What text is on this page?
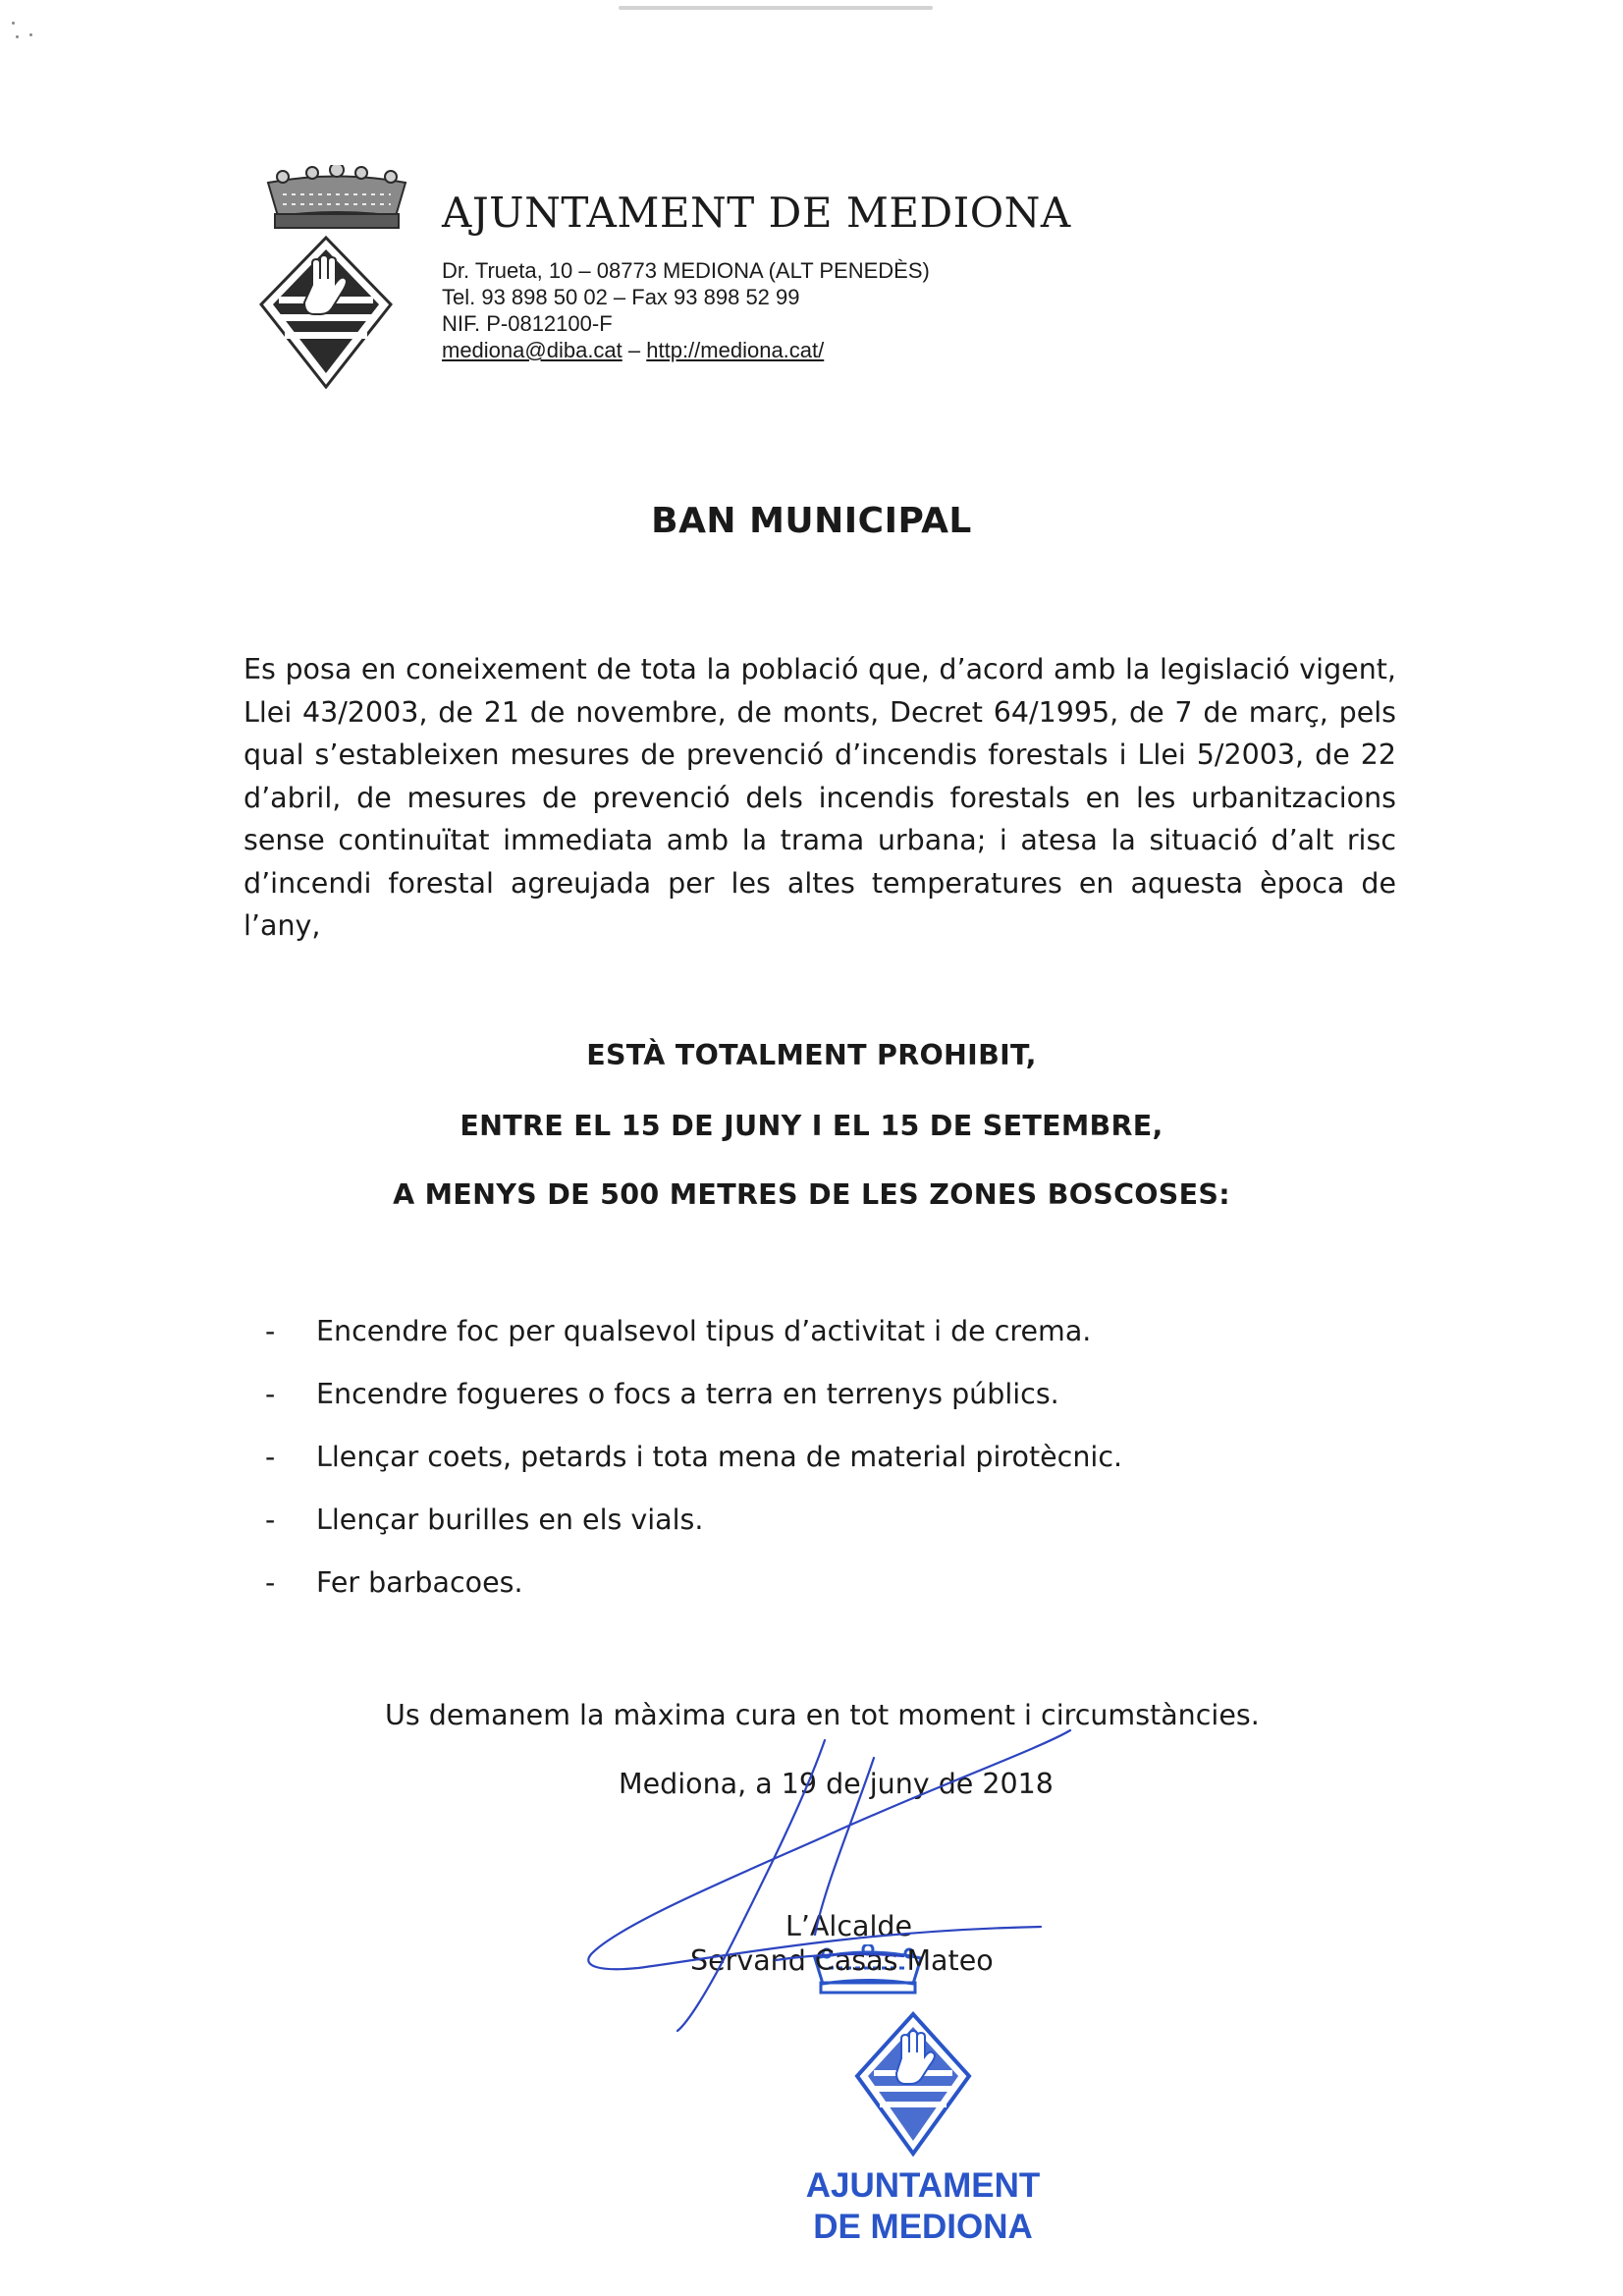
AJUNTAMENT DE MEDIONA
Dr. Trueta, 10 – 08773 MEDIONA (ALT PENEDÈS)
Tel. 93 898 50 02 – Fax 93 898 52 99
NIF. P-0812100-F
mediona@diba.cat – http://mediona.cat/
BAN MUNICIPAL
Es posa en coneixement de tota la població que, d’acord amb la legislació vigent, Llei 43/2003, de 21 de novembre, de monts, Decret 64/1995, de 7 de març, pels qual s’estableixen mesures de prevenció d’incendis forestals i Llei 5/2003, de 22 d’abril, de mesures de prevenció dels incendis forestals en les urbanitzacions sense continuïtat immediata amb la trama urbana; i atesa la situació d’alt risc d’incendi forestal agreujada per les altes temperatures en aquesta època de l’any,
ESTÀ TOTALMENT PROHIBIT,
ENTRE EL 15 DE JUNY I EL 15 DE SETEMBRE,
A MENYS DE 500 METRES DE LES ZONES BOSCOSES:
- Encendre foc per qualsevol tipus d’activitat i de crema.
- Encendre fogueres o focs a terra en terrenys públics.
- Llençar coets, petards i tota mena de material pirotècnic.
- Llençar burilles en els vials.
- Fer barbacoes.
Us demanem la màxima cura en tot moment i circumstàncies.
Mediona, a 19 de juny de 2018
L’Alcalde
Servand Casas Mateo
AJUNTAMENT
DE MEDIONA
